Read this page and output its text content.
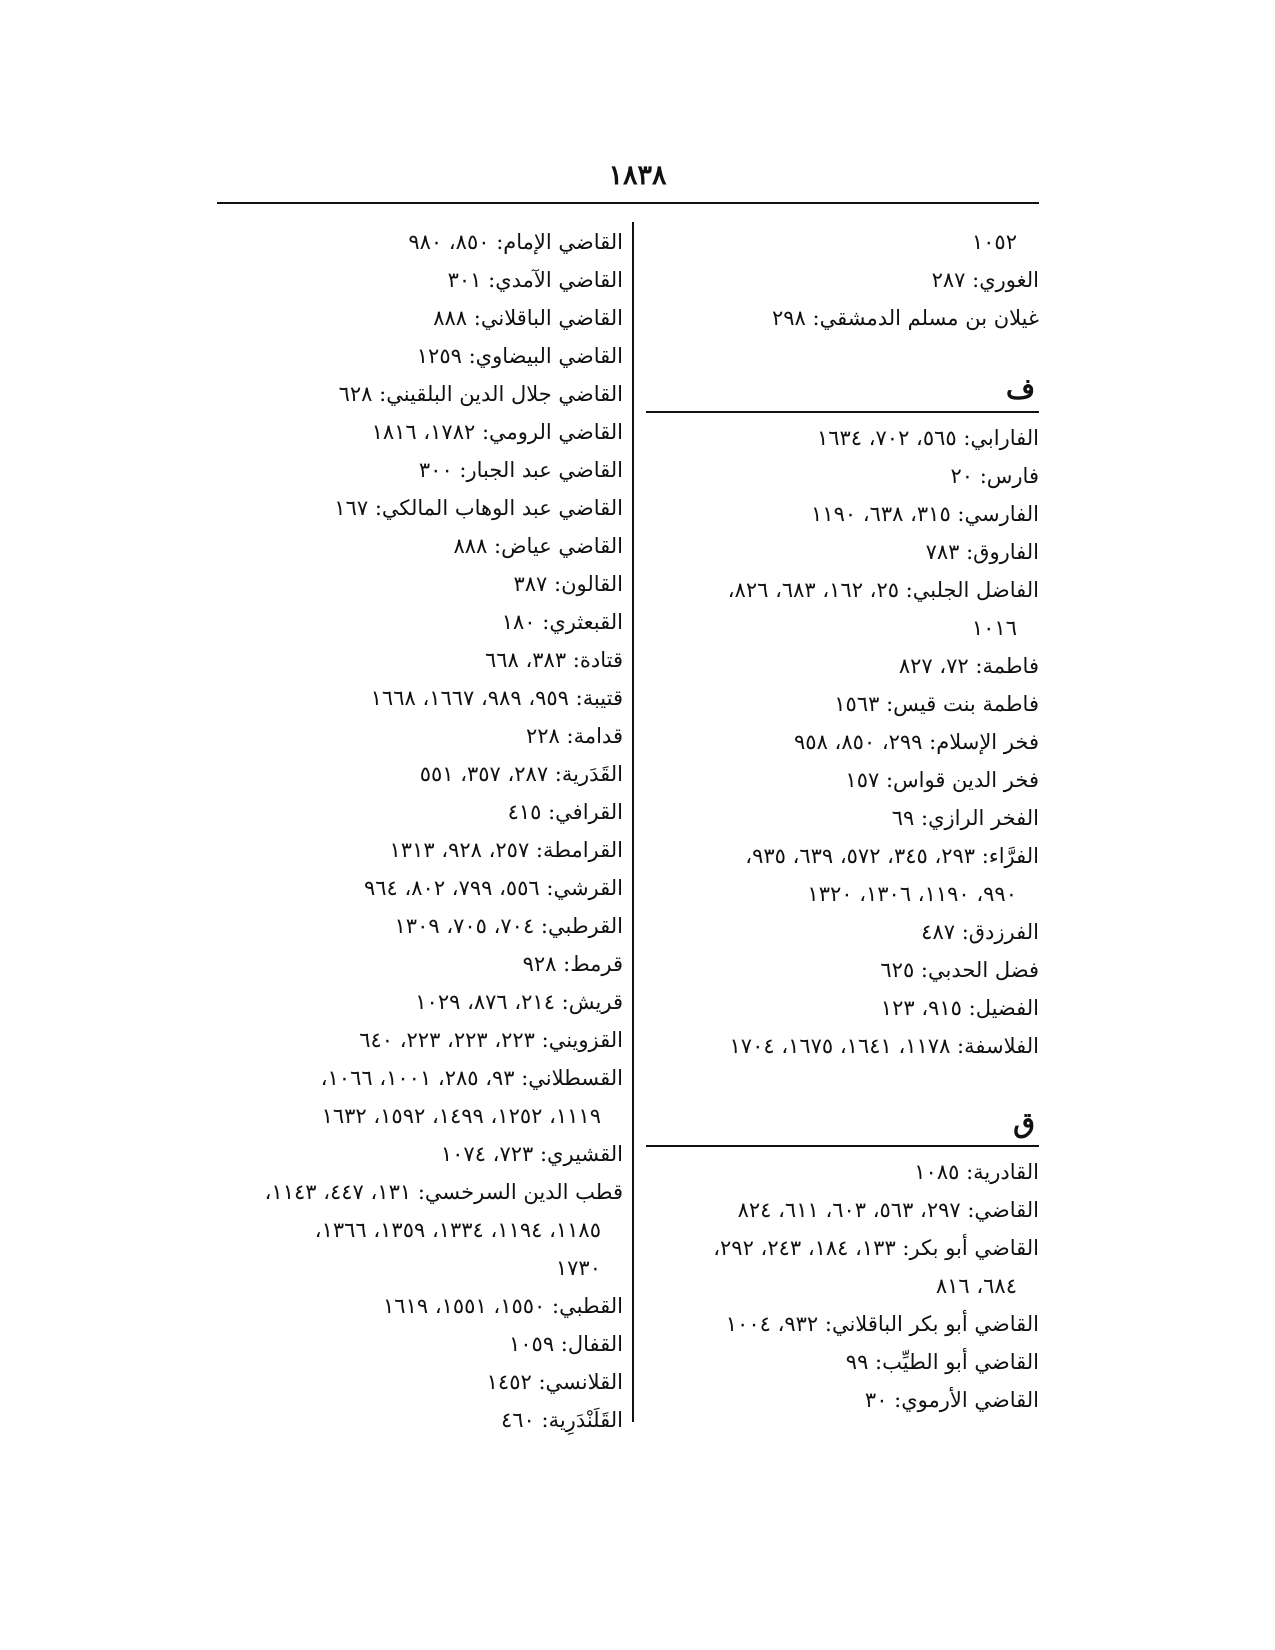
١٨٣٨
١٠٥٢
الغوري: ٢٨٧
غيلان بن مسلم الدمشقي: ٢٩٨
ف
الفارابي: ٥٦٥، ٧٠٢، ١٦٣٤
فارس: ٢٠
الفارسي: ٣١٥، ٦٣٨، ١١٩٠
الفاروق: ٧٨٣
الفاضل الجلبي: ٢٥، ١٦٢، ٦٨٣، ٨٢٦،
١٠١٦
فاطمة: ٧٢، ٨٢٧
فاطمة بنت قيس: ١٥٦٣
فخر الإسلام: ٢٩٩، ٨٥٠، ٩٥٨
فخر الدين قواس: ١٥٧
الفخر الرازي: ٦٩
الفرَّاء: ٢٩٣، ٣٤٥، ٥٧٢، ٦٣٩، ٩٣٥،
٩٩٠، ١١٩٠، ١٣٠٦، ١٣٢٠
الفرزدق: ٤٨٧
فضل الحدبي: ٦٢٥
الفضيل: ٩١٥، ١٢٣
الفلاسفة: ١١٧٨، ١٦٤١، ١٦٧٥، ١٧٠٤
ق
القادرية: ١٠٨٥
القاضي: ٢٩٧، ٥٦٣، ٦٠٣، ٦١١، ٨٢٤
القاضي أبو بكر: ١٣٣، ١٨٤، ٢٤٣، ٢٩٢،
٦٨٤، ٨١٦
القاضي أبو بكر الباقلاني: ٩٣٢، ١٠٠٤
القاضي أبو الطيِّب: ٩٩
القاضي الأرموي: ٣٠
القاضي الإمام: ٨٥٠، ٩٨٠
القاضي الآمدي: ٣٠١
القاضي الباقلاني: ٨٨٨
القاضي البيضاوي: ١٢٥٩
القاضي جلال الدين البلقيني: ٦٢٨
القاضي الرومي: ١٧٨٢، ١٨١٦
القاضي عبد الجبار: ٣٠٠
القاضي عبد الوهاب المالكي: ١٦٧
القاضي عياض: ٨٨٨
القالون: ٣٨٧
القبعثري: ١٨٠
قتادة: ٣٨٣، ٦٦٨
قتيبة: ٩٥٩، ٩٨٩، ١٦٦٧، ١٦٦٨
قدامة: ٢٢٨
القَدَرية: ٢٨٧، ٣٥٧، ٥٥١
القرافي: ٤١٥
القرامطة: ٢٥٧، ٩٢٨، ١٣١٣
القرشي: ٥٥٦، ٧٩٩، ٨٠٢، ٩٦٤
القرطبي: ٧٠٤، ٧٠٥، ١٣٠٩
قرمط: ٩٢٨
قريش: ٢١٤، ٨٧٦، ١٠٢٩
القزويني: ٢٢٣، ٢٢٣، ٢٢٣، ٦٤٠
القسطلاني: ٩٣، ٢٨٥، ١٠٠١، ١٠٦٦،
١١١٩، ١٢٥٢، ١٤٩٩، ١٥٩٢، ١٦٣٢
القشيري: ٧٢٣، ١٠٧٤
قطب الدين السرخسي: ١٣١، ٤٤٧، ١١٤٣،
١١٨٥، ١١٩٤، ١٣٣٤، ١٣٥٩، ١٣٦٦،
١٧٣٠
القطبي: ١٥٥٠، ١٥٥١، ١٦١٩
القفال: ١٠٥٩
القلانسي: ١٤٥٢
القَلَنْدَرِية: ٤٦٠
